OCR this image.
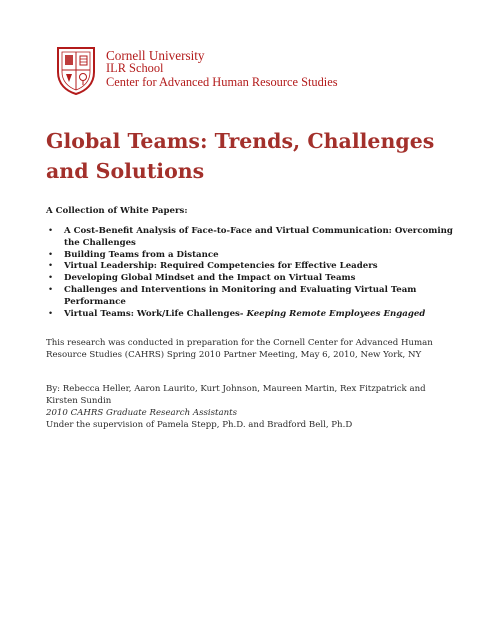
Cornell University
ILR School
Center for Advanced Human Resource Studies
Global Teams: Trends, Challenges and Solutions
A Collection of White Papers:
• A Cost-Benefit Analysis of Face-to-Face and Virtual Communication: Overcoming the Challenges
• Building Teams from a Distance
• Virtual Leadership: Required Competencies for Effective Leaders
• Developing Global Mindset and the Impact on Virtual Teams
• Challenges and Interventions in Monitoring and Evaluating Virtual Team Performance
• Virtual Teams: Work/Life Challenges- Keeping Remote Employees Engaged
This research was conducted in preparation for the Cornell Center for Advanced Human Resource Studies (CAHRS) Spring 2010 Partner Meeting, May 6, 2010, New York, NY
By: Rebecca Heller, Aaron Laurito, Kurt Johnson, Maureen Martin, Rex Fitzpatrick and Kirsten Sundin
2010 CAHRS Graduate Research Assistants
Under the supervision of Pamela Stepp, Ph.D. and Bradford Bell, Ph.D
